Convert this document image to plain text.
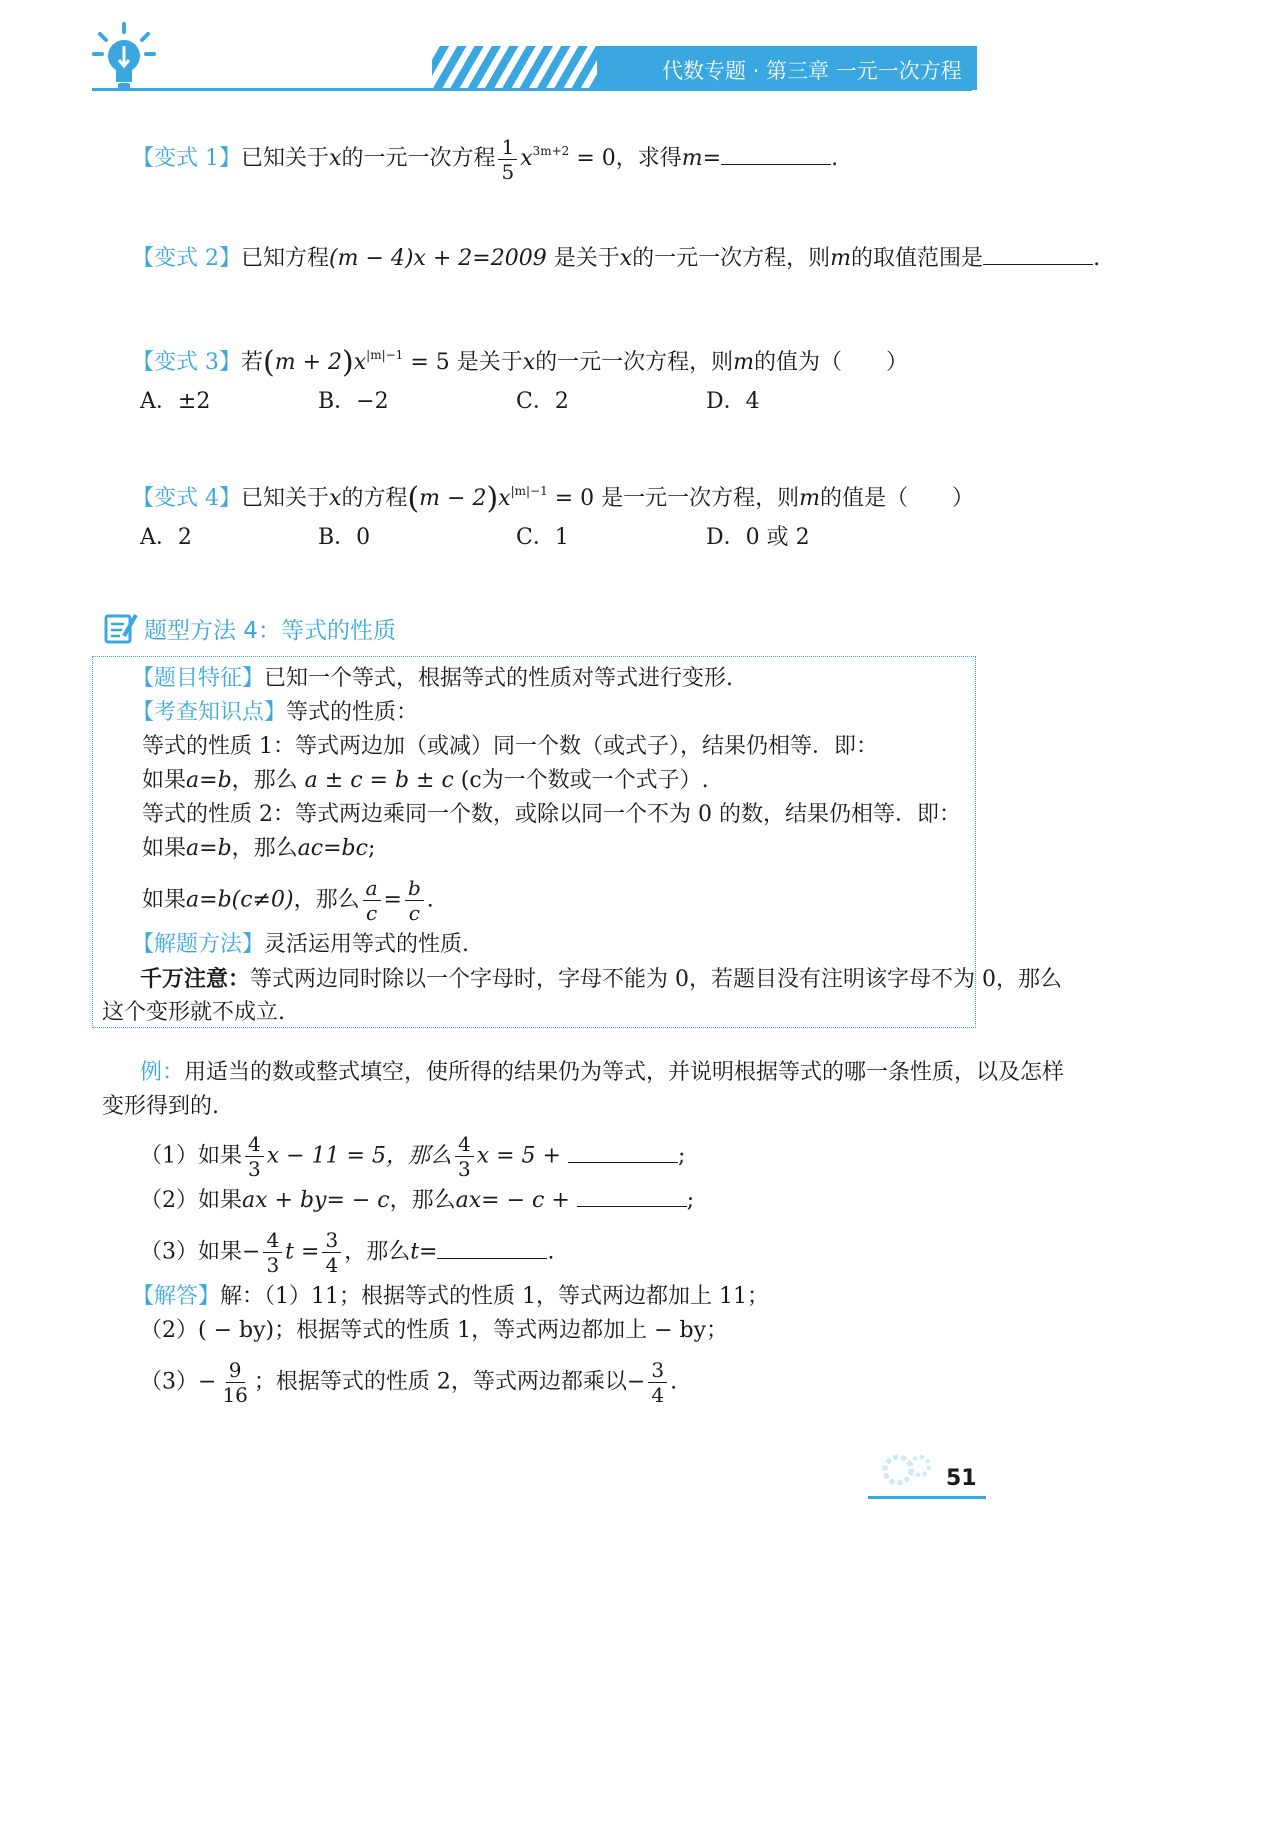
代数专题 · 第三章 一元一次方程
【变式 1】已知关于x的一元一次方程 $\frac{1}{5} x^{3m+2} = 0$，求得m=	.
【变式 2】已知方程(m − 4)x + 2=2009 是关于x的一元一次方程，则m的取值范围是	.
【变式 3】若$(m + 2)x^{|m|-1} = 5$ 是关于x的一元一次方程，则m的值为（　　）
A．±2	B．−2	C．2	D．4
【变式 4】已知关于x的方程$(m - 2)x^{|m|-1} = 0$ 是一元一次方程，则m的值是（　　）
A．2	B．0	C．1	D．0 或 2
题型方法 4：等式的性质
【题目特征】已知一个等式，根据等式的性质对等式进行变形.
【考查知识点】等式的性质：
等式的性质 1：等式两边加（或减）同一个数（或式子），结果仍相等．即：
如果a=b，那么 a ± c = b ± c (c为一个数或一个式子）.
等式的性质 2：等式两边乘同一个数，或除以同一个不为 0 的数，结果仍相等．即：
如果a=b，那么ac=bc;
如果a=b(c≠0)，那么 $\frac{a}{c} = \frac{b}{c}$ .
【解题方法】灵活运用等式的性质.
千万注意：等式两边同时除以一个字母时，字母不能为 0，若题目没有注明该字母不为 0，那么
这个变形就不成立.
例：用适当的数或整式填空，使所得的结果仍为等式，并说明根据等式的哪一条性质，以及怎样
变形得到的.
（1）如果 $\frac{4}{3}$ x − 11 = 5，那么 $\frac{4}{3}$ x = 5 +	;
（2）如果ax + by= − c，那么ax= − c +	;
（3）如果− $\frac{4}{3}$ $t = \frac{3}{4}$ ，那么t=	.
【解答】解：（1）11；根据等式的性质 1，等式两边都加上 11；
（2）( − by)；根据等式的性质 1，等式两边都加上 − by；
$(3)- \frac{9}{16}$ ；根据等式的性质 2，等式两边都乘以− $\frac{3}{4}$ .
51
